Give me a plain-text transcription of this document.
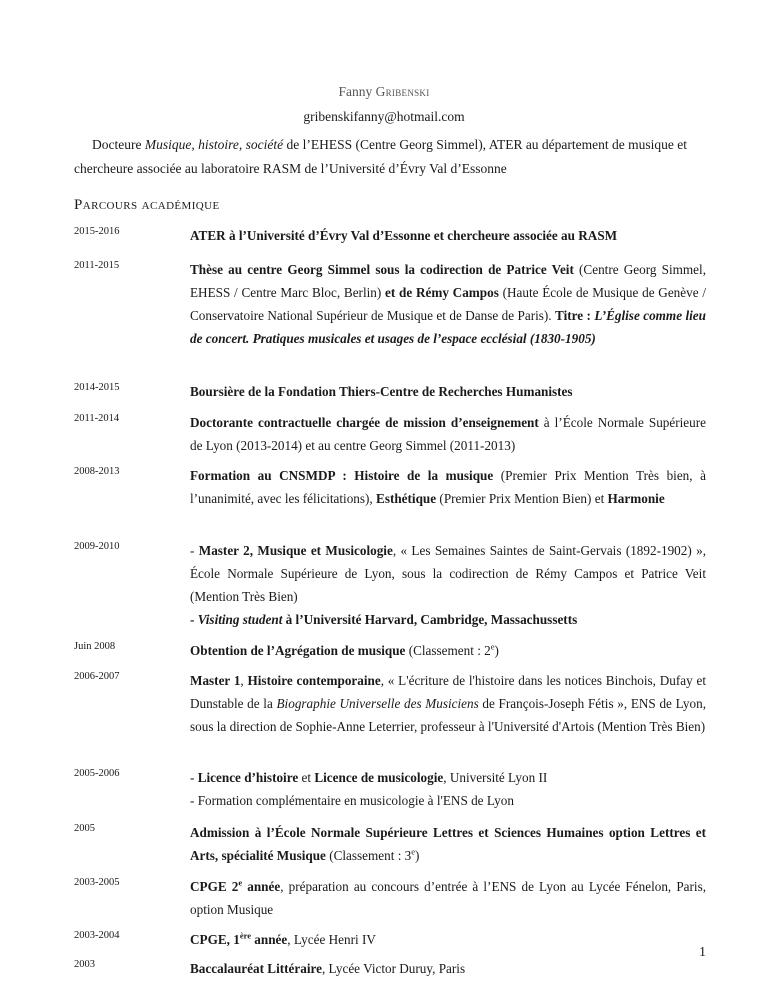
Fanny Gribenski
gribenskifanny@hotmail.com

Docteure Musique, histoire, société de l’EHESS (Centre Georg Simmel), ATER au département de musique et chercheure associée au laboratoire RASM de l’Université d’Évry Val d’Essonne

Parcours académique
2015-2016	ATER à l’Université d’Évry Val d’Essonne et chercheure associée au RASM
2011-2015	Thèse au centre Georg Simmel sous la codirection de Patrice Veit (Centre Georg Simmel, EHESS / Centre Marc Bloc, Berlin) et de Rémy Campos (Haute École de Musique de Genève / Conservatoire National Supérieur de Musique et de Danse de Paris). Titre : L’Église comme lieu de concert. Pratiques musicales et usages de l’espace ecclésial (1830-1905)
2014-2015	Boursière de la Fondation Thiers-Centre de Recherches Humanistes
2011-2014	Doctorante contractuelle chargée de mission d’enseignement à l’École Normale Supérieure de Lyon (2013-2014) et au centre Georg Simmel (2011-2013)
2008-2013	Formation au CNSMDP : Histoire de la musique (Premier Prix Mention Très bien, à l’unanimité, avec les félicitations), Esthétique (Premier Prix Mention Bien) et Harmonie
2009-2010	- Master 2, Musique et Musicologie, « Les Semaines Saintes de Saint-Gervais (1892-1902) », École Normale Supérieure de Lyon, sous la codirection de Rémy Campos et Patrice Veit (Mention Très Bien)
- Visiting student à l’Université Harvard, Cambridge, Massachussetts
Juin 2008	Obtention de l’Agrégation de musique (Classement : 2e)
2006-2007	Master 1, Histoire contemporaine, « L'écriture de l'histoire dans les notices Binchois, Dufay et Dunstable de la Biographie Universelle des Musiciens de François-Joseph Fétis », ENS de Lyon, sous la direction de Sophie-Anne Leterrier, professeur à l'Université d'Artois (Mention Très Bien)
2005-2006	- Licence d’histoire et Licence de musicologie, Université Lyon II
- Formation complémentaire en musicologie à l'ENS de Lyon
2005	Admission à l’École Normale Supérieure Lettres et Sciences Humaines option Lettres et Arts, spécialité Musique (Classement : 3e)
2003-2005	CPGE 2e année, préparation au concours d’entrée à l’ENS de Lyon au Lycée Fénelon, Paris, option Musique
2003-2004	CPGE, 1ère année, Lycée Henri IV
2003	Baccalauréat Littéraire, Lycée Victor Duruy, Paris
1
